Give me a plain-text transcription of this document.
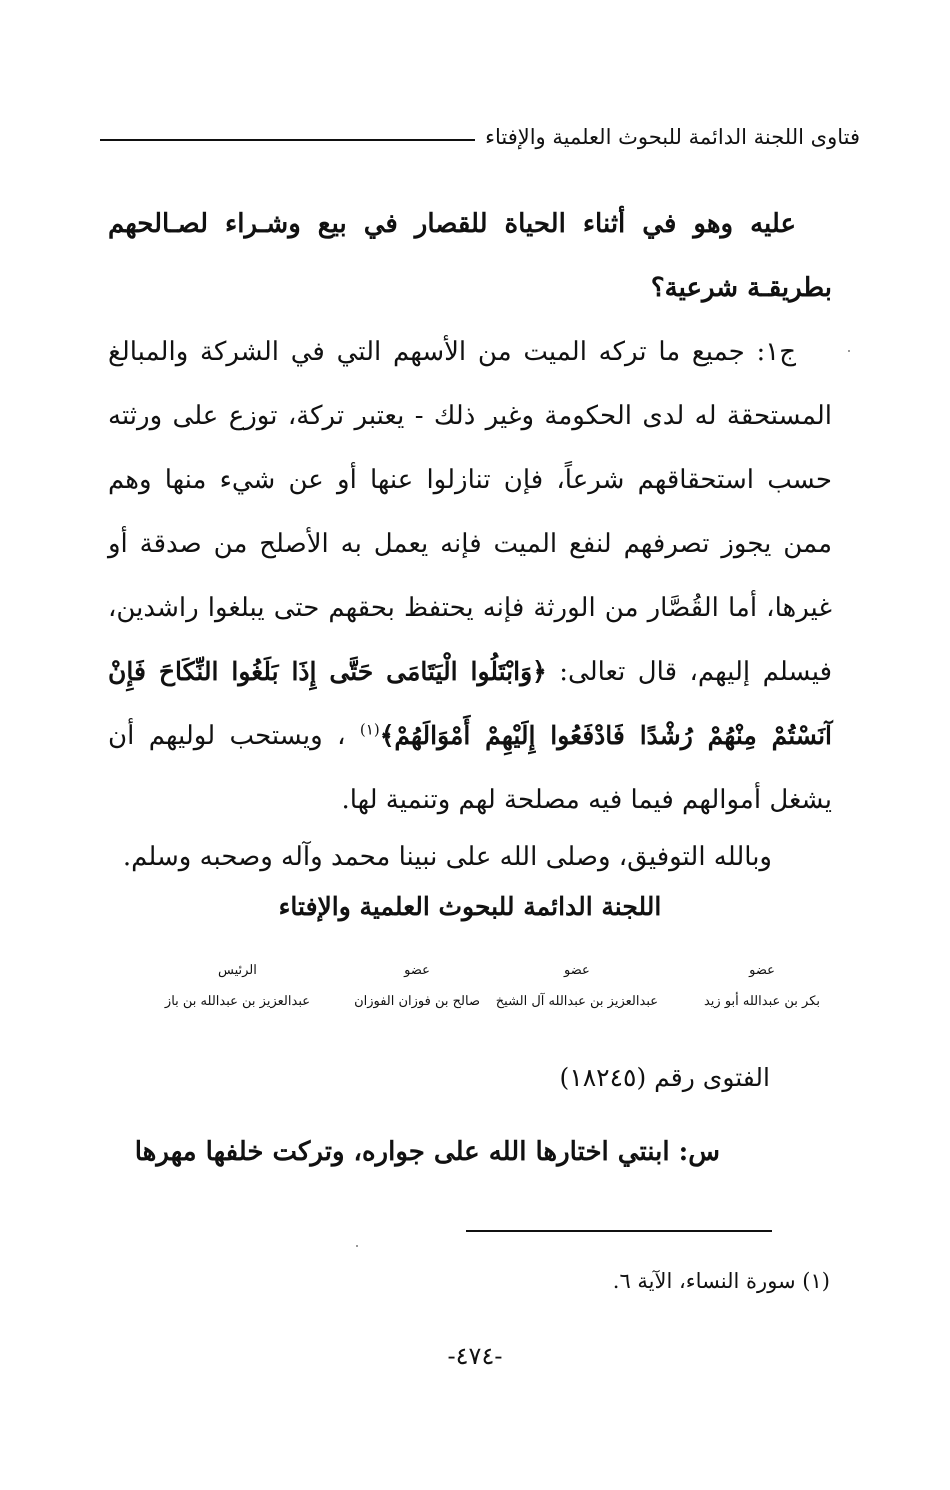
فتاوى اللجنة الدائمة للبحوث العلمية والإفتاء

عليه وهو في أثناء الحياة للقصار في بيع وشـراء لصـالحهم بطريقـة شرعية؟

ج١: جميع ما تركه الميت من الأسهم التي في الشركة والمبالغ المستحقة له لدى الحكومة وغير ذلك - يعتبر تركة، توزع على ورثته حسب استحقاقهم شرعاً، فإن تنازلوا عنها أو عن شيء منها وهم ممن يجوز تصرفهم لنفع الميت فإنه يعمل به الأصلح من صدقة أو غيرها، أما القُصَّار من الورثة فإنه يحتفظ بحقهم حتى يبلغوا راشدين، فيسلم إليهم، قال تعالى: ﴿وَابْتَلُوا الْيَتَامَى حَتَّى إِذَا بَلَغُوا النِّكَاحَ فَإِنْ آنَسْتُمْ مِنْهُمْ رُشْدًا فَادْفَعُوا إِلَيْهِمْ أَمْوَالَهُمْ﴾$^{(١)}$ ، ويستحب لوليهم أن يشغل أموالهم فيما فيه مصلحة لهم وتنمية لها.

وبالله التوفيق، وصلى الله على نبينا محمد وآله وصحبه وسلم.

اللجنة الدائمة للبحوث العلمية والإفتاء

الرئيس
عبدالعزيز بن عبدالله بن باز
عضو
صالح بن فوزان الفوزان
عضو
عبدالعزيز بن عبدالله آل الشيخ
عضو
بكر بن عبدالله أبو زيد
الفتوى رقم (١٨٢٤٥)
س: ابنتي اختارها الله على جواره، وتركت خلفها مهرها
(١) سورة النساء، الآية ٦.
-٤٧٤-
